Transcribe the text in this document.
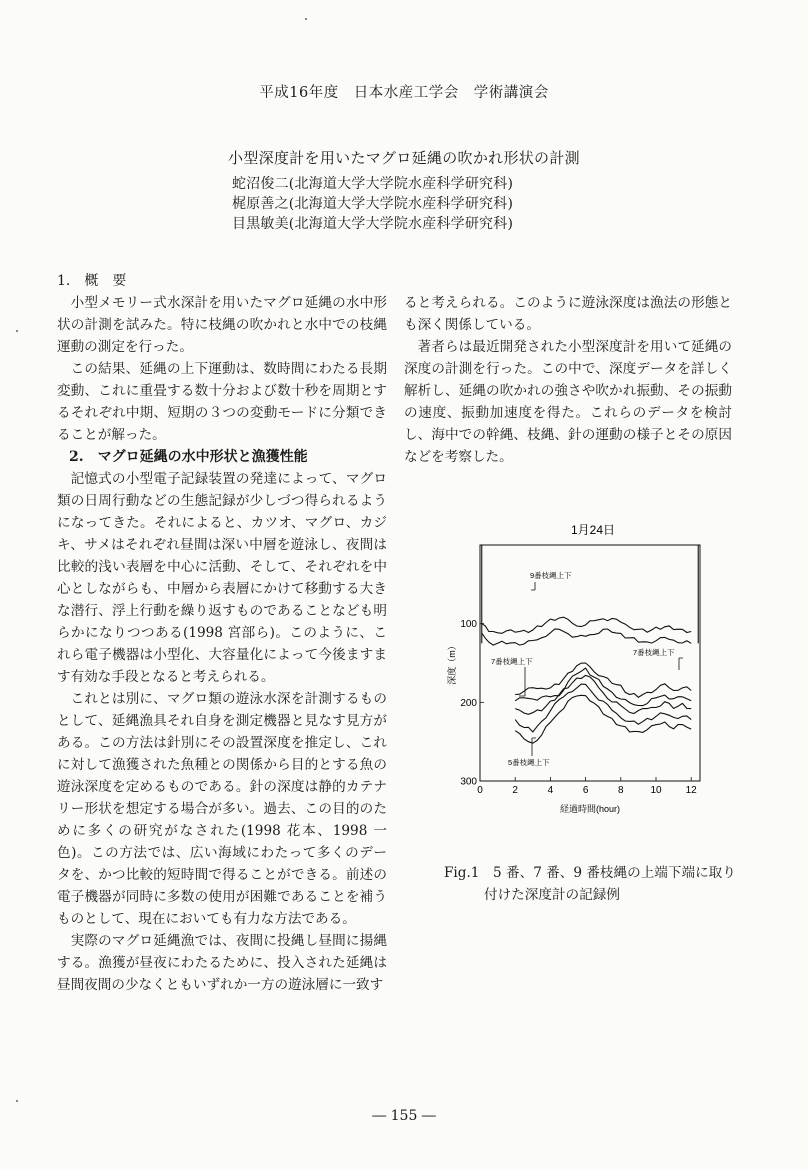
平成16年度　日本水産工学会　学術講演会
小型深度計を用いたマグロ延縄の吹かれ形状の計測
蛇沼俊二(北海道大学大学院水産科学研究科)
梶原善之(北海道大学大学院水産科学研究科)
目黒敏美(北海道大学大学院水産科学研究科)

1.　概　要

小型メモリー式水深計を用いたマグロ延縄の水中形状の計測を試みた。特に枝縄の吹かれと水中での枝縄運動の測定を行った。

この結果、延縄の上下運動は、数時間にわたる長期変動、これに重畳する数十分および数十秒を周期とするそれぞれ中期、短期の３つの変動モードに分類できることが解った。

2.　マグロ延縄の水中形状と漁獲性能

記憶式の小型電子記録装置の発達によって、マグロ類の日周行動などの生態記録が少しづつ得られるようになってきた。それによると、カツオ、マグロ、カジキ、サメはそれぞれ昼間は深い中層を遊泳し、夜間は比較的浅い表層を中心に活動、そして、それぞれを中心としながらも、中層から表層にかけて移動する大きな潜行、浮上行動を繰り返すものであることなども明らかになりつつある(1998 宮部ら)。このように、これら電子機器は小型化、大容量化によって今後ますます有効な手段となると考えられる。

これとは別に、マグロ類の遊泳水深を計測するものとして、延縄漁具それ自身を測定機器と見なす見方がある。この方法は針別にその設置深度を推定し、これに対して漁獲された魚種との関係から目的とする魚の遊泳深度を定めるものである。針の深度は静的カテナリー形状を想定する場合が多い。過去、この目的のために多くの研究がなされた(1998 花本、1998 一色)。この方法では、広い海域にわたって多くのデータを、かつ比較的短時間で得ることができる。前述の電子機器が同時に多数の使用が困難であることを補うものとして、現在においても有力な方法である。

実際のマグロ延縄漁では、夜間に投縄し昼間に揚縄する。漁獲が昼夜にわたるために、投入された延縄は昼間夜間の少なくともいずれか一方の遊泳層に一致す

ると考えられる。このように遊泳深度は漁法の形態とも深く関係している。

著者らは最近開発された小型深度計を用いて延縄の深度の計測を行った。この中で、深度データを詳しく解析し、延縄の吹かれの強さや吹かれ振動、その振動の速度、振動加速度を得た。これらのデータを検討し、海中での幹縄、枝縄、針の運動の様子とその原因などを考察した。

1月24日
0	2	4	6	8	10 12
100
200
300
深度（m）
経過時間(hour)
9番枝縄上下
7番枝縄上下
7番枝縄上下
5番枝縄上下
Fig.1　5 番、7 番、9 番枝縄の上端下端に取り
付けた深度計の記録例
― 155 ―
